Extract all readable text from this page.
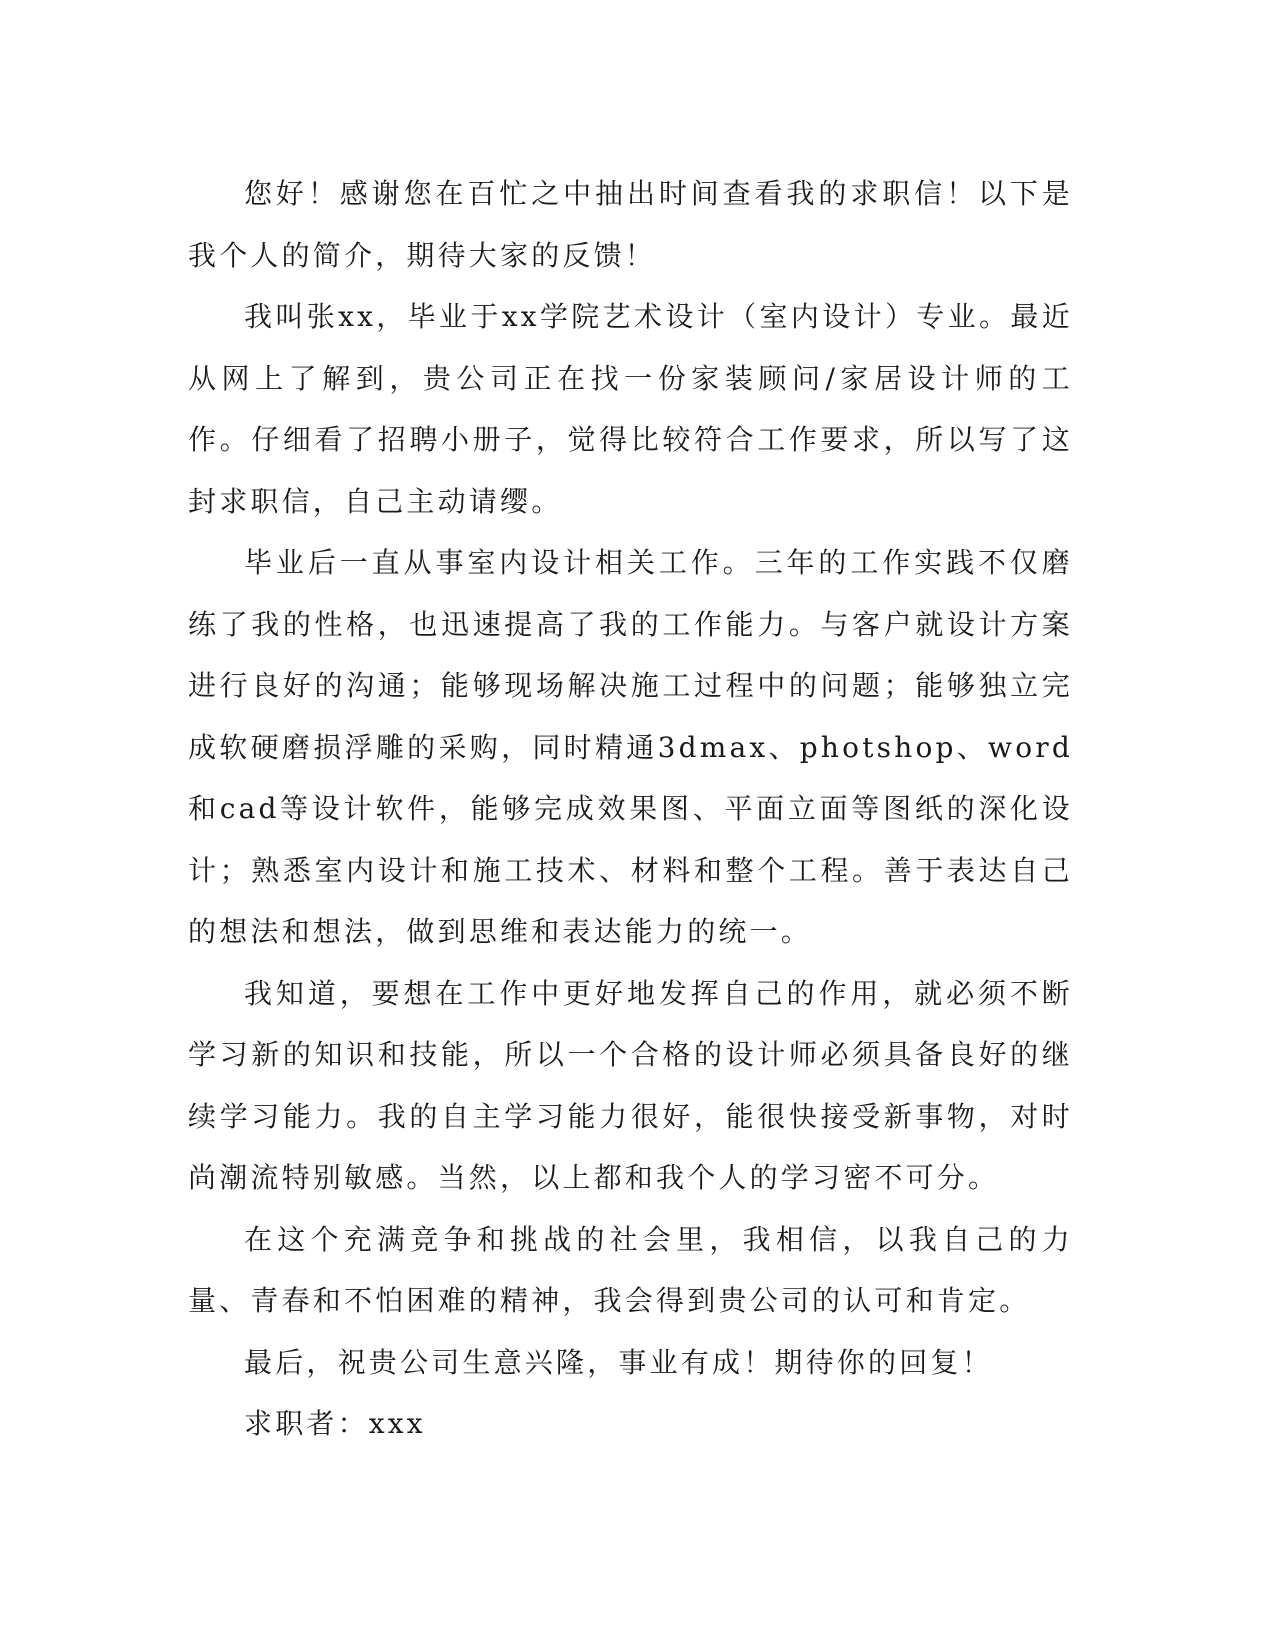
您好！感谢您在百忙之中抽出时间查看我的求职信！以下是我个人的简介，期待大家的反馈！

我叫张xx，毕业于xx学院艺术设计（室内设计）专业。最近从网上了解到，贵公司正在找一份家装顾问/家居设计师的工作。仔细看了招聘小册子，觉得比较符合工作要求，所以写了这封求职信，自己主动请缨。

毕业后一直从事室内设计相关工作。三年的工作实践不仅磨练了我的性格，也迅速提高了我的工作能力。与客户就设计方案进行良好的沟通；能够现场解决施工过程中的问题；能够独立完成软硬磨损浮雕的采购，同时精通3dmax、photshop、word和cad等设计软件，能够完成效果图、平面立面等图纸的深化设计；熟悉室内设计和施工技术、材料和整个工程。善于表达自己的想法和想法，做到思维和表达能力的统一。

我知道，要想在工作中更好地发挥自己的作用，就必须不断学习新的知识和技能，所以一个合格的设计师必须具备良好的继续学习能力。我的自主学习能力很好，能很快接受新事物，对时尚潮流特别敏感。当然，以上都和我个人的学习密不可分。

在这个充满竞争和挑战的社会里，我相信，以我自己的力量、青春和不怕困难的精神，我会得到贵公司的认可和肯定。

最后，祝贵公司生意兴隆，事业有成！期待你的回复！

求职者：xxx
